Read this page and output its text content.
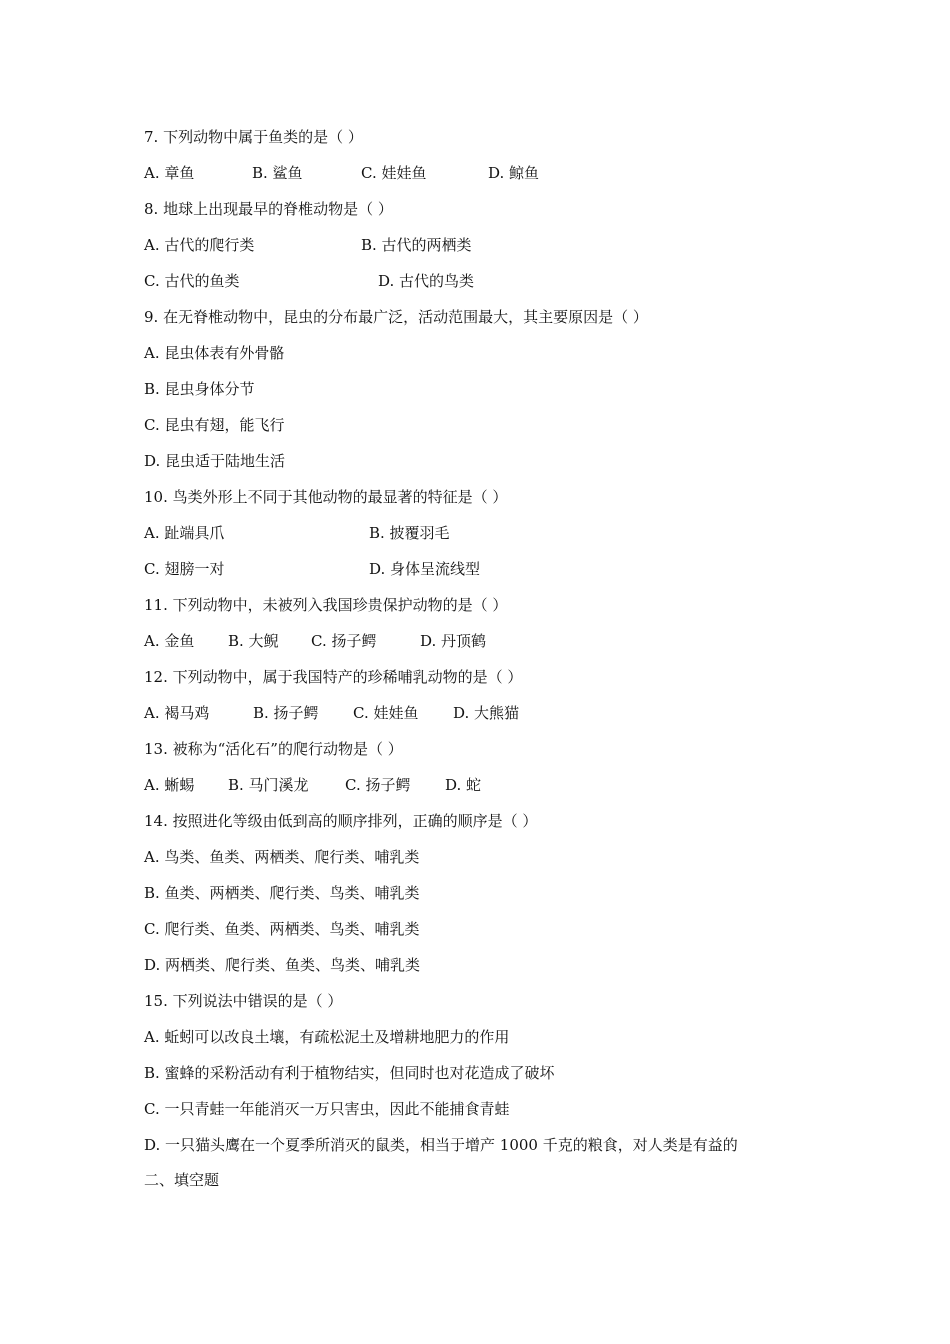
7. 下列动物中属于鱼类的是（ ）
A. 章鱼	B. 鲨鱼	C. 娃娃鱼	D. 鲸鱼
8. 地球上出现最早的脊椎动物是（ ）
A. 古代的爬行类	B. 古代的两栖类
C. 古代的鱼类	D. 古代的鸟类
9. 在无脊椎动物中，昆虫的分布最广泛，活动范围最大，其主要原因是（ ）
A. 昆虫体表有外骨骼
B. 昆虫身体分节
C. 昆虫有翅，能飞行
D. 昆虫适于陆地生活
10. 鸟类外形上不同于其他动物的最显著的特征是（ ）
A. 趾端具爪	B. 披覆羽毛
C. 翅膀一对	D. 身体呈流线型
11. 下列动物中，未被列入我国珍贵保护动物的是（ ）
A. 金鱼 B. 大鲵 C. 扬子鳄	D. 丹顶鹤
12. 下列动物中，属于我国特产的珍稀哺乳动物的是（ ）
A. 褐马鸡	B. 扬子鳄 C. 娃娃鱼 D. 大熊猫
13. 被称为“活化石”的爬行动物是（ ）
A. 蜥蜴 B. 马门溪龙 C. 扬子鳄 D. 蛇
14. 按照进化等级由低到高的顺序排列，正确的顺序是（ ）
A. 鸟类、鱼类、两栖类、爬行类、哺乳类
B. 鱼类、两栖类、爬行类、鸟类、哺乳类
C. 爬行类、鱼类、两栖类、鸟类、哺乳类
D. 两栖类、爬行类、鱼类、鸟类、哺乳类
15. 下列说法中错误的是（ ）
A. 蚯蚓可以改良土壤，有疏松泥土及增耕地肥力的作用
B. 蜜蜂的采粉活动有利于植物结实，但同时也对花造成了破坏
C. 一只青蛙一年能消灭一万只害虫，因此不能捕食青蛙
D. 一只猫头鹰在一个夏季所消灭的鼠类，相当于增产 1000 千克的粮食，对人类是有益的
二、填空题
